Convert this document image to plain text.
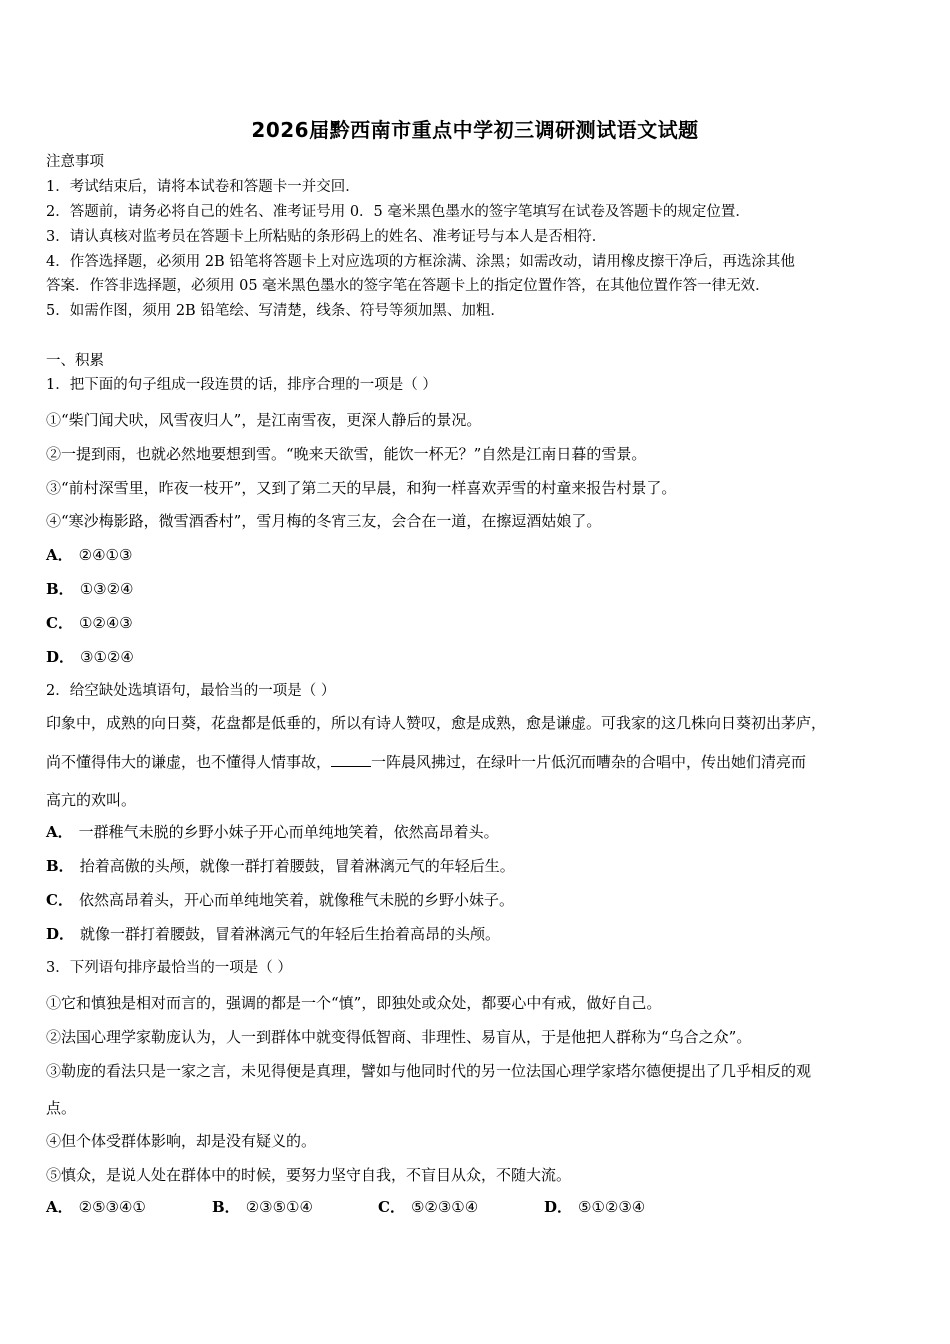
2026届黔西南市重点中学初三调研测试语文试题
注意事项
1．考试结束后，请将本试卷和答题卡一并交回．
2．答题前，请务必将自己的姓名、准考证号用 0．5 毫米黑色墨水的签字笔填写在试卷及答题卡的规定位置．
3．请认真核对监考员在答题卡上所粘贴的条形码上的姓名、准考证号与本人是否相符．
4．作答选择题，必须用 2B 铅笔将答题卡上对应选项的方框涂满、涂黑；如需改动，请用橡皮擦干净后，再选涂其他
答案．作答非选择题，必须用 05 毫米黑色墨水的签字笔在答题卡上的指定位置作答，在其他位置作答一律无效．
5．如需作图，须用 2B 铅笔绘、写清楚，线条、符号等须加黑、加粗．
一、积累
1．把下面的句子组成一段连贯的话，排序合理的一项是（ ）
①“柴门闻犬吠，风雪夜归人”，是江南雪夜，更深人静后的景况。
②一提到雨，也就必然地要想到雪。“晚来天欲雪，能饮一杯无？”自然是江南日暮的雪景。
③“前村深雪里，昨夜一枝开”，又到了第二天的早晨，和狗一样喜欢弄雪的村童来报告村景了。
④“寒沙梅影路，微雪酒香村”，雪月梅的冬宵三友，会合在一道，在擦逗酒姑娘了。
A． ②④①③
B． ①③②④
C． ①②④③
D． ③①②④
2．给空缺处选填语句，最恰当的一项是（ ）
印象中，成熟的向日葵，花盘都是低垂的，所以有诗人赞叹，愈是成熟，愈是谦虚。可我家的这几株向日葵初出茅庐，
尚不懂得伟大的谦虚，也不懂得人情事故，	一阵晨风拂过，在绿叶一片低沉而嘈杂的合唱中，传出她们清亮而
高亢的欢叫。
A． 一群稚气未脱的乡野小妹子开心而单纯地笑着，依然高昂着头。
B． 抬着高傲的头颅，就像一群打着腰鼓，冒着淋漓元气的年轻后生。
C． 依然高昂着头，开心而单纯地笑着，就像稚气未脱的乡野小妹子。
D． 就像一群打着腰鼓，冒着淋漓元气的年轻后生抬着高昂的头颅。
3．下列语句排序最恰当的一项是（ ）
①它和慎独是相对而言的，强调的都是一个“慎”，即独处或众处，都要心中有戒，做好自己。
②法国心理学家勒庞认为，人一到群体中就变得低智商、非理性、易盲从，于是他把人群称为“乌合之众”。
③勒庞的看法只是一家之言，未见得便是真理，譬如与他同时代的另一位法国心理学家塔尔德便提出了几乎相反的观
点。
④但个体受群体影响，却是没有疑义的。
⑤慎众，是说人处在群体中的时候，要努力坚守自我，不盲目从众，不随大流。
A． ②⑤③④①	B． ②③⑤①④	C． ⑤②③①④	D． ⑤①②③④
